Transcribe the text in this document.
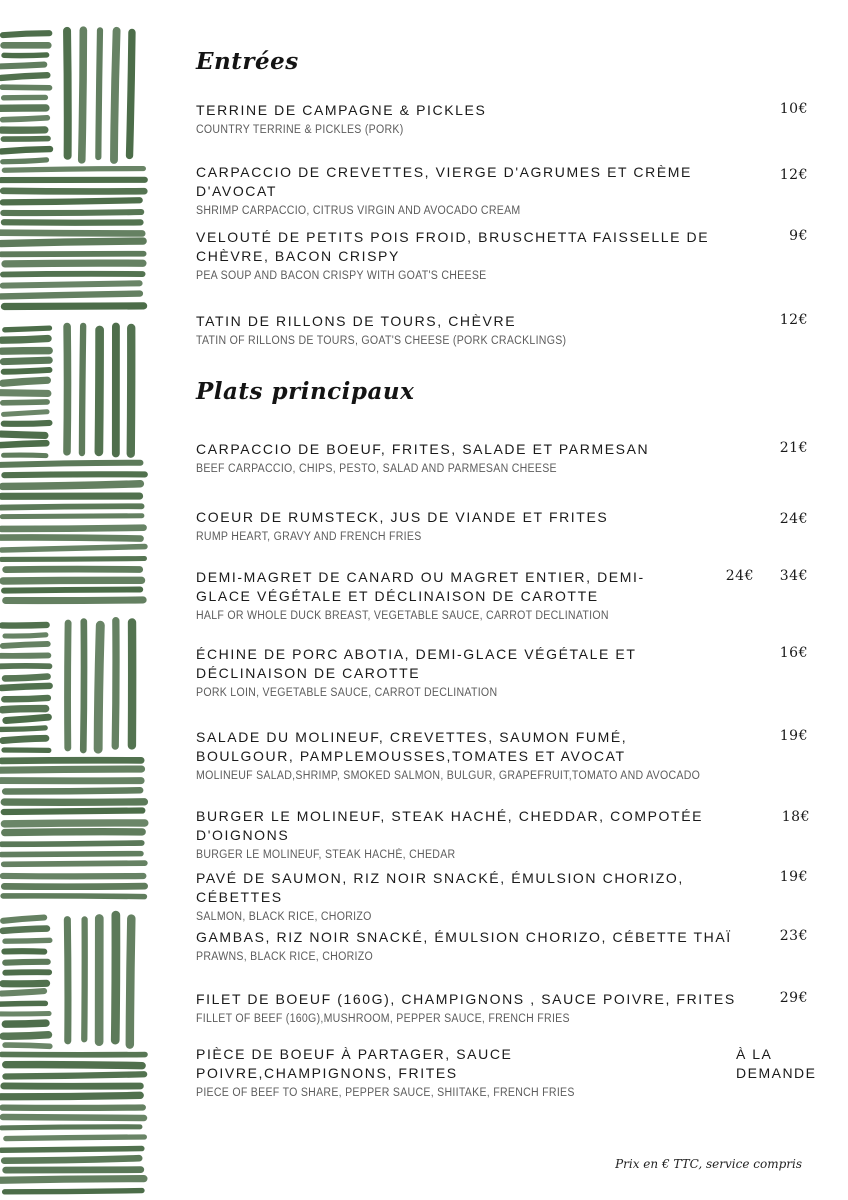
Entrées
TERRINE DE CAMPAGNE & PICKLES
COUNTRY TERRINE & PICKLES (PORK)
10€
CARPACCIO DE CREVETTES, VIERGE D'AGRUMES ET CRÈME D'AVOCAT
SHRIMP CARPACCIO, CITRUS VIRGIN AND AVOCADO CREAM
12€
VELOUTÉ DE PETITS POIS FROID, BRUSCHETTA FAISSELLE DE CHÈVRE, BACON CRISPY
PEA SOUP AND BACON CRISPY WITH GOAT'S CHEESE
9€
TATIN DE RILLONS DE TOURS, CHÈVRE
TATIN OF RILLONS DE TOURS, GOAT'S CHEESE (PORK CRACKLINGS)
12€
Plats principaux
CARPACCIO DE BOEUF, FRITES, SALADE ET PARMESAN
BEEF CARPACCIO, CHIPS, PESTO, SALAD AND PARMESAN CHEESE
21€
COEUR DE RUMSTECK, JUS DE VIANDE ET FRITES
RUMP HEART, GRAVY AND FRENCH FRIES
24€
DEMI-MAGRET DE CANARD OU MAGRET ENTIER, DEMI-GLACE VÉGÉTALE ET DÉCLINAISON DE CAROTTE
HALF OR WHOLE DUCK BREAST, VEGETABLE SAUCE, CARROT DECLINATION
24€ 34€
ÉCHINE DE PORC ABOTIA, DEMI-GLACE VÉGÉTALE ET DÉCLINAISON DE CAROTTE
PORK LOIN, VEGETABLE SAUCE, CARROT DECLINATION
16€
SALADE DU MOLINEUF, CREVETTES, SAUMON FUMÉ, BOULGOUR, PAMPLEMOUSSES,TOMATES ET AVOCAT
MOLINEUF SALAD,SHRIMP, SMOKED SALMON, BULGUR, GRAPEFRUIT,TOMATO AND AVOCADO
19€
BURGER LE MOLINEUF, STEAK HACHÉ, CHEDDAR, COMPOTÉE D'OIGNONS
BURGER LE MOLINEUF, STEAK HACHÉ, CHEDAR
18€
PAVÉ DE SAUMON, RIZ NOIR SNACKÉ, ÉMULSION CHORIZO, CÉBETTES
SALMON, BLACK RICE, CHORIZO
19€
GAMBAS, RIZ NOIR SNACKÉ, ÉMULSION CHORIZO, CÉBETTE THAÏ
PRAWNS, BLACK RICE, CHORIZO
23€
FILET DE BOEUF (160G), CHAMPIGNONS , SAUCE POIVRE, FRITES
FILLET OF BEEF (160G),MUSHROOM, PEPPER SAUCE, FRENCH FRIES
29€
PIÈCE DE BOEUF À PARTAGER, SAUCE POIVRE,CHAMPIGNONS, FRITES
PIECE OF BEEF TO SHARE, PEPPER SAUCE, SHIITAKE, FRENCH FRIES
À LA DEMANDE
Prix en € TTC, service compris
